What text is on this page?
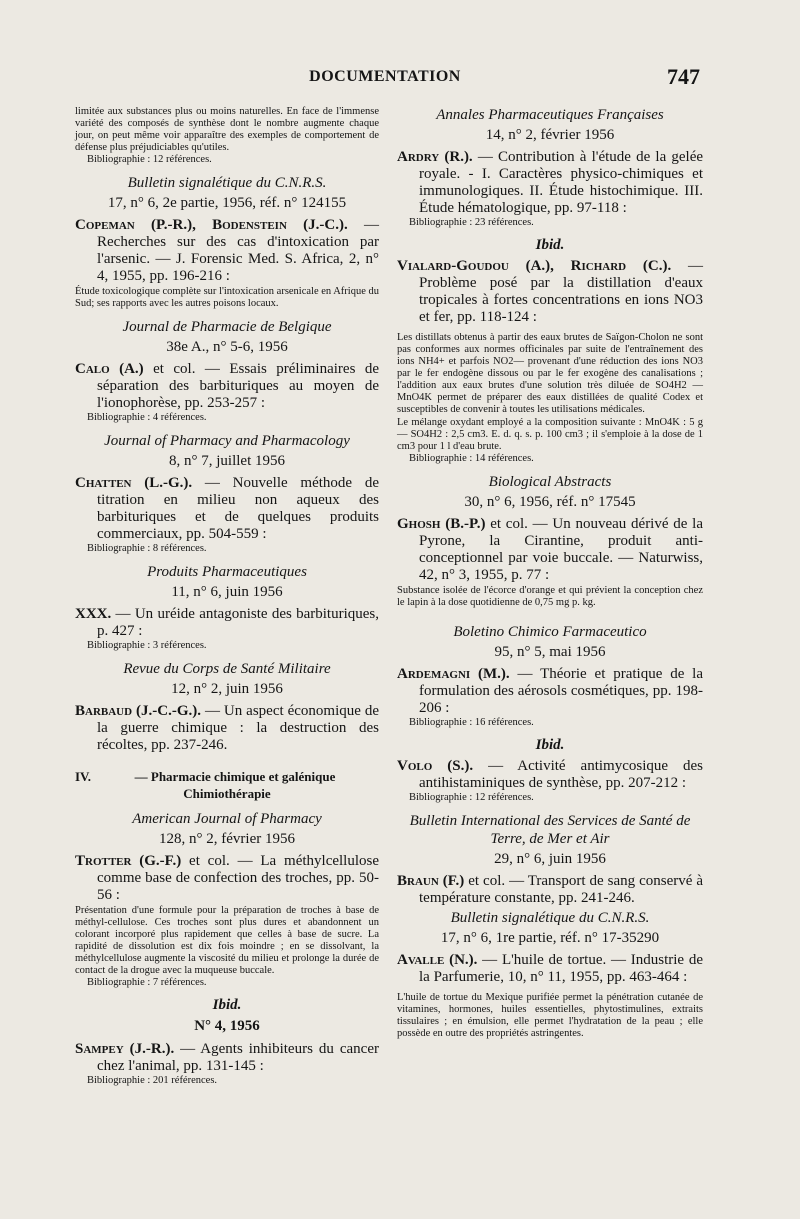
DOCUMENTATION	747
limitée aux substances plus ou moins naturelles. En face de l'immense variété des composés de synthèse dont le nombre augmente chaque jour, on peut même voir apparaître des exemples de comportement de défense plus préjudiciables qu'utiles.
Bibliographie : 12 références.
Bulletin signalétique du C.N.R.S.
17, n° 6, 2e partie, 1956, réf. n° 124155

Copeman (P.-R.), Bodenstein (J.-C.). — Recherches sur des cas d'intoxication par l'arsenic. — J. Forensic Med. S. Africa, 2, n° 4, 1955, pp. 196-216 :

Étude toxicologique complète sur l'intoxication arsenicale en Afrique du Sud; ses rapports avec les autres poisons locaux.
Journal de Pharmacie de Belgique
38e A., n° 5-6, 1956

Calo (A.) et col. — Essais préliminaires de séparation des barbituriques au moyen de l'ionophorèse, pp. 253-257 :

Bibliographie : 4 références.
Journal of Pharmacy and Pharmacology
8, n° 7, juillet 1956

Chatten (L.-G.). — Nouvelle méthode de titration en milieu non aqueux des barbituriques et de quelques produits commerciaux, pp. 504-559 :

Bibliographie : 8 références.
Produits Pharmaceutiques
11, n° 6, juin 1956

XXX. — Un uréide antagoniste des barbituriques, p. 427 :

Bibliographie : 3 références.
Revue du Corps de Santé Militaire
12, n° 2, juin 1956

Barbaud (J.-C.-G.). — Un aspect économique de la guerre chimique : la destruction des récoltes, pp. 237-246.

IV.	— Pharmacie chimique et galénique
Chimiothérapie
American Journal of Pharmacy
128, n° 2, février 1956

Trotter (G.-F.) et col. — La méthylcellulose comme base de confection des troches, pp. 50-56 :

Présentation d'une formule pour la préparation de troches à base de méthyl-cellulose. Ces troches sont plus dures et abandonnent un colorant incorporé plus rapidement que celles à base de sucre. La rapidité de dissolution est dix fois moindre ; en se dissolvant, la méthylcellulose augmente la viscosité du milieu et prolonge la durée de contact de la drogue avec la muqueuse buccale.
Bibliographie : 7 références.
Ibid.
N° 4, 1956

Sampey (J.-R.). — Agents inhibiteurs du cancer chez l'animal, pp. 131-145 :

Bibliographie : 201 références.
Annales Pharmaceutiques Françaises
14, n° 2, février 1956

Ardry (R.). — Contribution à l'étude de la gelée royale. - I. Caractères physico-chimiques et immunologiques. II. Étude histochimique. III. Étude hématologique, pp. 97-118 :

Bibliographie : 23 références.
Ibid.

Vialard-Goudou (A.), Richard (C.). — Problème posé par la distillation d'eaux tropicales à fortes concentrations en ions NO3 et fer, pp. 118-124 :

Les distillats obtenus à partir des eaux brutes de Saïgon-Cholon ne sont pas conformes aux normes officinales par suite de l'entraînement des ions NH4+ et parfois NO2— provenant d'une réduction des ions NO3 par le fer endogène dissous ou par le fer exogène des canalisations ; l'addition aux eaux brutes d'une solution très diluée de SO4H2 — MnO4K permet de préparer des eaux distillées de qualité Codex et susceptibles de convenir à toutes les utilisations médicales.
Le mélange oxydant employé a la composition suivante : MnO4K : 5 g — SO4H2 : 2,5 cm3. E. d. q. s. p. 100 cm3 ; il s'emploie à la dose de 1 cm3 pour 1 l d'eau brute.
Bibliographie : 14 références.
Biological Abstracts
30, n° 6, 1956, réf. n° 17545

Ghosh (B.-P.) et col. — Un nouveau dérivé de la Pyrone, la Cirantine, produit anti-conceptionnel par voie buccale. — Naturwiss, 42, n° 3, 1955, p. 77 :

Substance isolée de l'écorce d'orange et qui prévient la conception chez le lapin à la dose quotidienne de 0,75 mg p. kg.
Boletino Chimico Farmaceutico
95, n° 5, mai 1956

Ardemagni (M.). — Théorie et pratique de la formulation des aérosols cosmétiques, pp. 198-206 :

Bibliographie : 16 références.
Ibid.

Volo (S.). — Activité antimycosique des antihistaminiques de synthèse, pp. 207-212 :

Bibliographie : 12 références.
Bulletin International des Services de Santé de Terre, de Mer et Air
29, n° 6, juin 1956

Braun (F.) et col. — Transport de sang conservé à température constante, pp. 241-246.

Bulletin signalétique du C.N.R.S.
17, n° 6, 1re partie, réf. n° 17-35290

Avalle (N.). — L'huile de tortue. — Industrie de la Parfumerie, 10, n° 11, 1955, pp. 463-464 :

L'huile de tortue du Mexique purifiée permet la pénétration cutanée de vitamines, hormones, huiles essentielles, phytostimulines, extraits tissulaires ; en émulsion, elle permet l'hydratation de la peau ; elle possède en outre des propriétés astringentes.
